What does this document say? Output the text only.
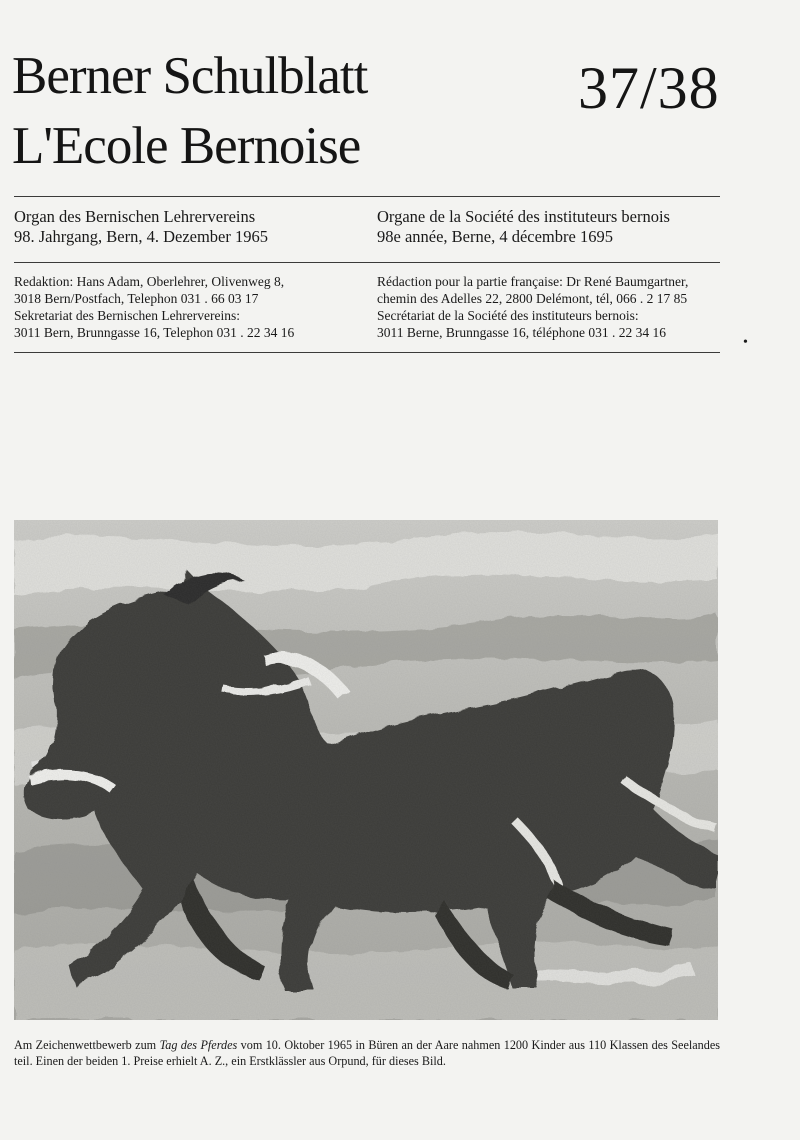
Berner Schulblatt
L'Ecole Bernoise
37/38
Organ des Bernischen Lehrervereins
98. Jahrgang, Bern, 4. Dezember 1965
Organe de la Société des instituteurs bernois
98e année, Berne, 4 décembre 1695
Redaktion: Hans Adam, Oberlehrer, Olivenweg 8,
3018 Bern/Postfach, Telephon 031 . 66 03 17
Sekretariat des Bernischen Lehrervereins:
3011 Bern, Brunngasse 16, Telephon 031 . 22 34 16
Rédaction pour la partie française: Dr René Baumgartner,
chemin des Adelles 22, 2800 Delémont, tél, 066 . 2 17 85
Secrétariat de la Société des instituteurs bernois:
3011 Berne, Brunngasse 16, téléphone 031 . 22 34 16
•
Am Zeichenwettbewerb zum Tag des Pferdes vom 10. Oktober 1965 in Büren an der Aare nahmen 1200 Kinder aus 110 Klassen des Seelandes teil. Einen der beiden 1. Preise erhielt A. Z., ein Erstklässler aus Orpund, für dieses Bild.
